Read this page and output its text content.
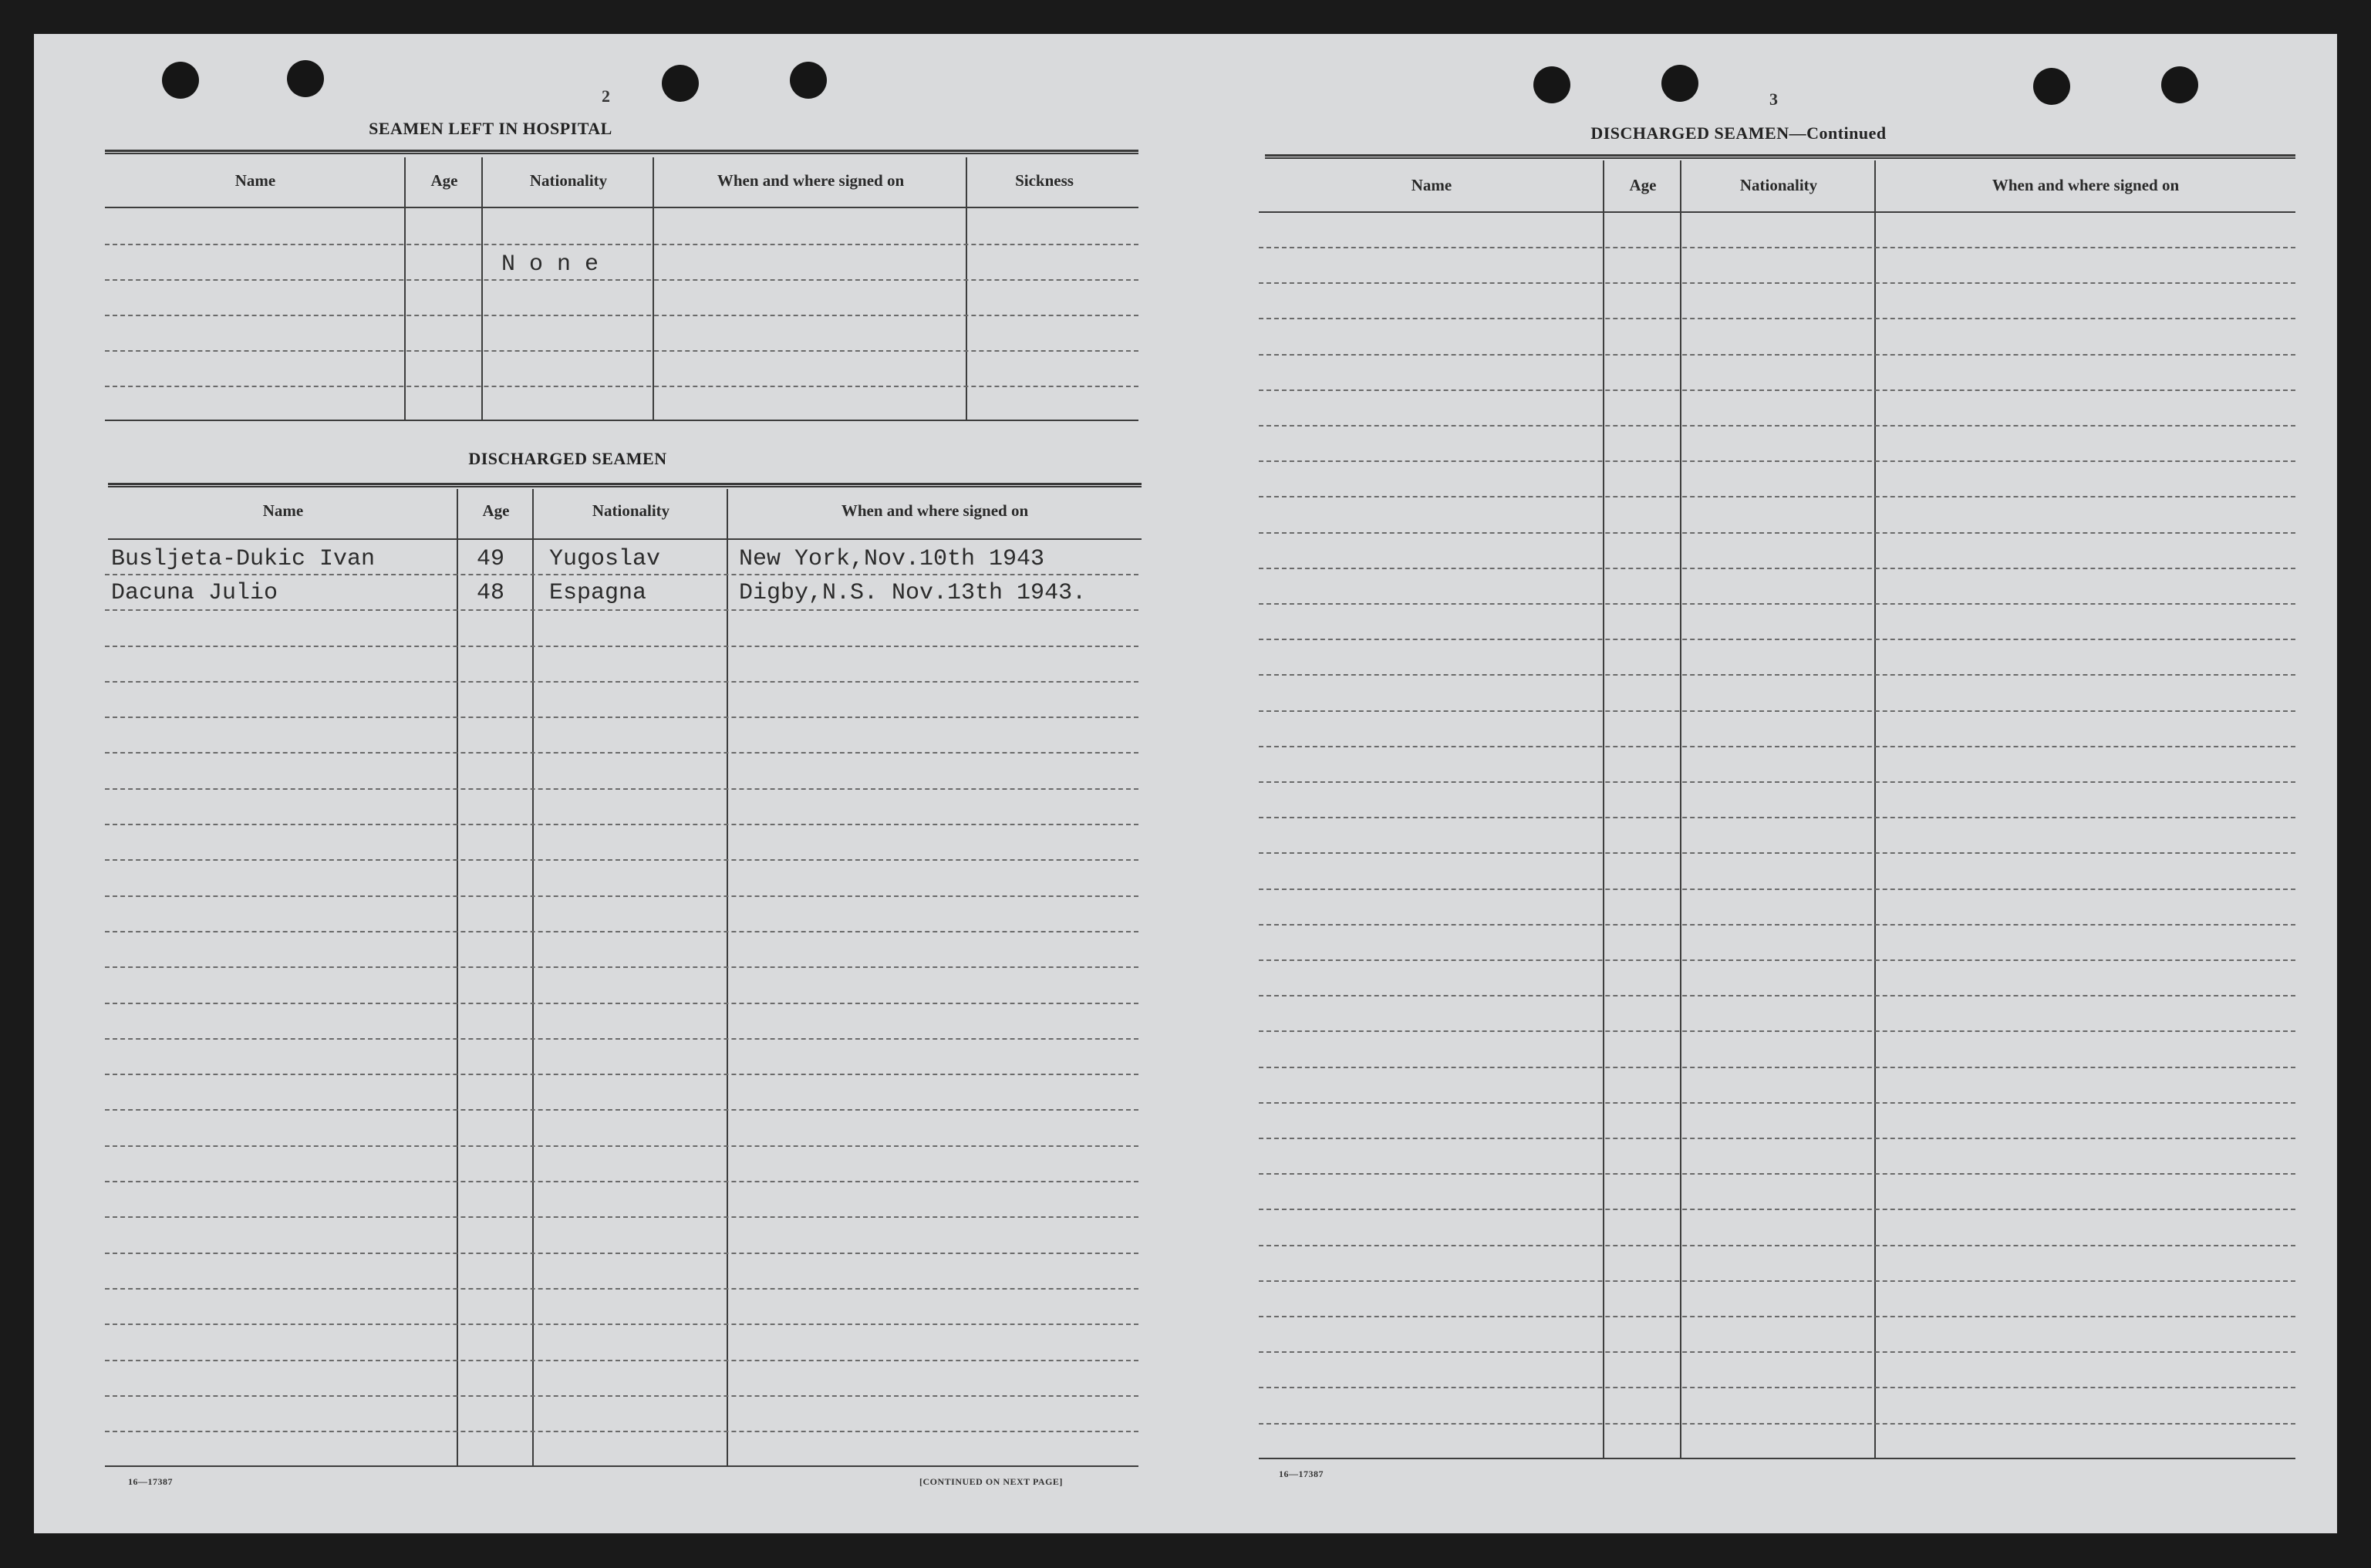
2
SEAMEN LEFT IN HOSPITAL
Name	Age	Nationality	When and where signed on	Sickness
N o n e
DISCHARGED SEAMEN
Name	Age	Nationality	When and where signed on
Busljeta-Dukic Ivan	49 Yugoslav	New York,Nov.10th 1943
Dacuna Julio	48 Espagna	Digby,N.S. Nov.13th 1943.
16—17387	[CONTINUED ON NEXT PAGE]
3
DISCHARGED SEAMEN—Continued
Name	Age	Nationality	When and where signed on
16—17387
